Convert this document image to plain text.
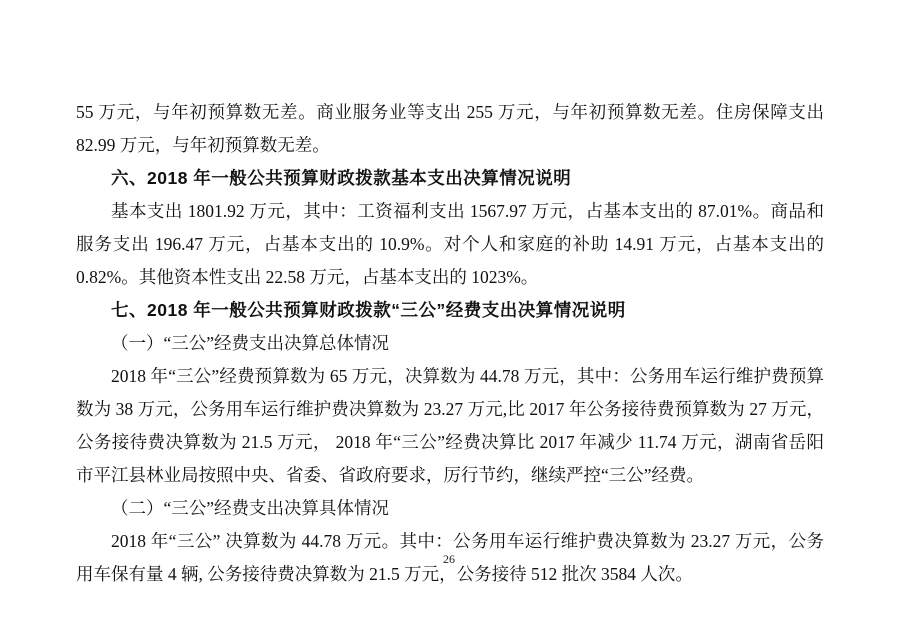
55 万元，与年初预算数无差。商业服务业等支出 255 万元，与年初预算数无差。住房保障支出 82.99 万元，与年初预算数无差。

六、2018 年一般公共预算财政拨款基本支出决算情况说明

基本支出 1801.92 万元，其中：工资福利支出 1567.97 万元，占基本支出的 87.01%。商品和服务支出 196.47 万元，占基本支出的 10.9%。对个人和家庭的补助 14.91 万元，占基本支出的 0.82%。其他资本性支出 22.58 万元，占基本支出的 1023%。

七、2018 年一般公共预算财政拨款“三公”经费支出决算情况说明

（一）“三公”经费支出决算总体情况

2018 年“三公”经费预算数为 65 万元，决算数为 44.78 万元，其中：公务用车运行维护费预算数为 38 万元，公务用车运行维护费决算数为 23.27 万元,比 2017 年公务接待费预算数为 27 万元，公务接待费决算数为 21.5 万元， 2018 年“三公”经费决算比 2017 年减少 11.74 万元，湖南省岳阳市平江县林业局按照中央、省委、省政府要求，厉行节约，继续严控“三公”经费。

（二）“三公”经费支出决算具体情况

2018 年“三公” 决算数为 44.78 万元。其中：公务用车运行维护费决算数为 23.27 万元，公务用车保有量 4 辆, 公务接待费决算数为 21.5 万元，公务接待 512 批次 3584 人次。

26
